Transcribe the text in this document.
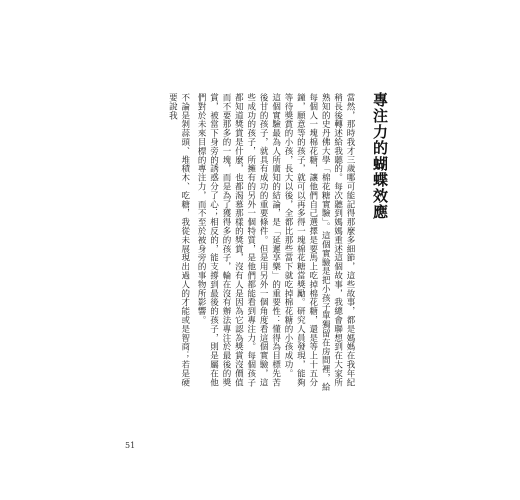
專注力的蝴蝶效應

當然，那時我才三歲哪可能記得那麼多細節，這些故事，都是媽媽在我年紀稍長後轉述給我聽的。每次聽到媽媽重述這個故事，我總會聯想到在大家所熟知的史丹佛大學「棉花糖實驗」。這個實驗是把小孩子單獨留在房間裡，給每個人一塊棉花糖，讓他們自己選擇是要馬上吃掉棉花糖，還是等上十五分鐘，願意等的孩子，就可以再多得一塊棉花糖當獎勵。研究人員發現，能夠等待獎賞的小孩，長大以後，全都比那些當下就吃掉棉花糖的小孩成功。

這個實驗最為人所廣知的結論，是「延遲享樂」的重要性：懂得為目標先苦後甘的孩子，就具有成功的重要條件。但是用另外一個角度看這個實驗，這些成功的孩子，所擁有的另外一個特質，是他們都能看到專注力。每個孩子都知道獎賞是什麼，也都渴慕那樣的獎賞，沒有人是因為它認為獎賞沒價值而不要那多的一塊，而是為了獲得多的孩子，輪在沒有辦法專注於最後的獎賞，被當下身旁的誘惑分了心；相反的，能支撐到最後的孩子，則是屬在他們對於未來目標的專注力，而不至於被身旁的事物所影響。

不論是剝蒜頭、堆積木、吃糖，我從未展現出過人的才能或是智商；若是硬要說我

51
